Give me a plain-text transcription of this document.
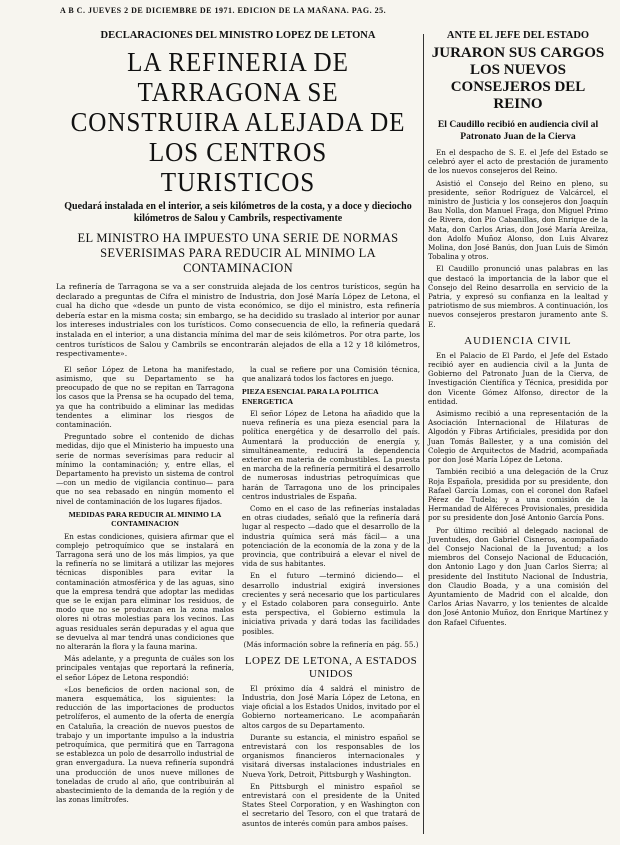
A B C. JUEVES 2 DE DICIEMBRE DE 1971. EDICION DE LA MAÑANA. PAG. 25.
DECLARACIONES DEL MINISTRO LOPEZ DE LETONA
LA REFINERIA DE TARRAGONA SE CONSTRUIRA ALEJADA DE LOS CENTROS TURISTICOS
Quedará instalada en el interior, a seis kilómetros de la costa, y a doce y dieciocho kilómetros de Salou y Cambrils, respectivamente
EL MINISTRO HA IMPUESTO UNA SERIE DE NORMAS SEVERISIMAS PARA REDUCIR AL MINIMO LA CONTAMINACION
La refinería de Tarragona se va a ser construida alejada de los centros turísticos, según ha declarado a preguntas de Cifra el ministro de Industria, don José María López de Letona, el cual ha dicho que «desde un punto de vista económico, se dijo el ministro, esta refinería debería estar en la misma costa; sin embargo, se ha decidido su traslado al interior por aunar los intereses industriales con los turísticos. Como consecuencia de ello, la refinería quedará instalada en el interior, a una distancia mínima del mar de seis kilómetros. Por otra parte, los centros turísticos de Salou y Cambrils se encontrarán alejados de ella a 12 y 18 kilómetros, respectivamente».

El señor López de Letona ha manifestado, asimismo, que su Departamento se ha preocupado de que no se repitan en Tarragona los casos que la Prensa se ha ocupado del tema, ya que ha contribuido a eliminar las medidas tendentes a eliminar los riesgos de contaminación.

Preguntado sobre el contenido de dichas medidas, dijo que el Ministerio ha impuesto una serie de normas severísimas para reducir al mínimo la contaminación; y, entre ellas, el Departamento ha previsto un sistema de control —con un medio de vigilancia continuo— para que no sea rebasado en ningún momento el nivel de contaminación de los lugares fijados.

MEDIDAS PARA REDUCIR AL MINIMO LA CONTAMINACION

En estas condiciones, quisiera afirmar que el complejo petroquímico que se instalará en Tarragona será uno de los más limpios, ya que la refinería no se limitará a utilizar las mejores técnicas disponibles para evitar la contaminación atmosférica y de las aguas, sino que la empresa tendrá que adoptar las medidas que se le exijan para eliminar los residuos, de modo que no se produzcan en la zona malos olores ni otras molestias para los vecinos. Las aguas residuales serán depuradas y el agua que se devuelva al mar tendrá unas condiciones que no alterarán la flora y la fauna marina.

Más adelante, y a pregunta de cuáles son los principales ventajas que reportará la refinería, el señor López de Letona respondió:

«Los beneficios de orden nacional son, de manera esquemática, los siguientes: la reducción de las importaciones de productos petrolíferos, el aumento de la oferta de energía en Cataluña, la creación de nuevos puestos de trabajo y un importante impulso a la industria petroquímica, que permitirá que en Tarragona se establezca un polo de desarrollo industrial de gran envergadura. La nueva refinería supondrá una producción de unos nueve millones de toneladas de crudo al año, que contribuirán al abastecimiento de la demanda de la región y de las zonas limítrofes.

la cual se refiere por una Comisión técnica, que analizará todos los factores en juego.

PIEZA ESENCIAL PARA LA POLITICA ENERGETICA

El señor López de Letona ha añadido que la nueva refinería es una pieza esencial para la política energética y de desarrollo del país. Aumentará la producción de energía y, simultáneamente, reducirá la dependencia exterior en materia de combustibles. La puesta en marcha de la refinería permitirá el desarrollo de numerosas industrias petroquímicas que harán de Tarragona uno de los principales centros industriales de España.

Como en el caso de las refinerías instaladas en otras ciudades, señaló que la refinería dará lugar al respecto —dado que el desarrollo de la industria química será más fácil— a una potenciación de la economía de la zona y de la provincia, que contribuirá a elevar el nivel de vida de sus habitantes.

En el futuro —terminó diciendo— el desarrollo industrial exigirá inversiones crecientes y será necesario que los particulares y el Estado colaboren para conseguirlo. Ante esta perspectiva, el Gobierno estimula la iniciativa privada y dará todas las facilidades posibles.

(Más información sobre la refinería en pág. 55.)
LOPEZ DE LETONA, A ESTADOS UNIDOS

El próximo día 4 saldrá el ministro de Industria, don José María López de Letona, en viaje oficial a los Estados Unidos, invitado por el Gobierno norteamericano. Le acompañarán altos cargos de su Departamento.

Durante su estancia, el ministro español se entrevistará con los responsables de los organismos financieros internacionales y visitará diversas instalaciones industriales en Nueva York, Detroit, Pittsburgh y Washington.

En Pittsburgh el ministro español se entrevistará con el presidente de la United States Steel Corporation, y en Washington con el secretario del Tesoro, con el que tratará de asuntos de interés común para ambos países.

ANTE EL JEFE DEL ESTADO
JURARON SUS CARGOS LOS NUEVOS CONSEJEROS DEL REINO
El Caudillo recibió en audiencia civil al Patronato Juan de la Cierva

En el despacho de S. E. el Jefe del Estado se celebró ayer el acto de prestación de juramento de los nuevos consejeros del Reino.

Asistió el Consejo del Reino en pleno, su presidente, señor Rodríguez de Valcárcel, el ministro de Justicia y los consejeros don Joaquín Bau Nolla, don Manuel Fraga, don Miguel Primo de Rivera, don Pío Cabanillas, don Enrique de la Mata, don Carlos Arias, don José María Areilza, don Adolfo Muñoz Alonso, don Luis Alvarez Molina, don José Banús, don Juan Luis de Simón Tobalina y otros.

El Caudillo pronunció unas palabras en las que destacó la importancia de la labor que el Consejo del Reino desarrolla en servicio de la Patria, y expresó su confianza en la lealtad y patriotismo de sus miembros. A continuación, los nuevos consejeros prestaron juramento ante S. E.

AUDIENCIA CIVIL

En el Palacio de El Pardo, el Jefe del Estado recibió ayer en audiencia civil a la Junta de Gobierno del Patronato Juan de la Cierva, de Investigación Científica y Técnica, presidida por don Vicente Gómez Alfonso, director de la entidad.

Asimismo recibió a una representación de la Asociación Internacional de Hilaturas de Algodón y Fibras Artificiales, presidida por don Juan Tomás Ballester, y a una comisión del Colegio de Arquitectos de Madrid, acompañada por don José María López de Letona.

También recibió a una delegación de la Cruz Roja Española, presidida por su presidente, don Rafael García Lomas, con el coronel don Rafael Pérez de Tudela; y a una comisión de la Hermandad de Alféreces Provisionales, presidida por su presidente don José Antonio García Pons.

Por último recibió al delegado nacional de Juventudes, don Gabriel Cisneros, acompañado del Consejo Nacional de la Juventud; a los miembros del Consejo Nacional de Educación, don Antonio Lago y don Juan Carlos Sierra; al presidente del Instituto Nacional de Industria, don Claudio Boada, y a una comisión del Ayuntamiento de Madrid con el alcalde, don Carlos Arias Navarro, y los tenientes de alcalde don José Antonio Muñoz, don Enrique Martínez y don Rafael Cifuentes.
